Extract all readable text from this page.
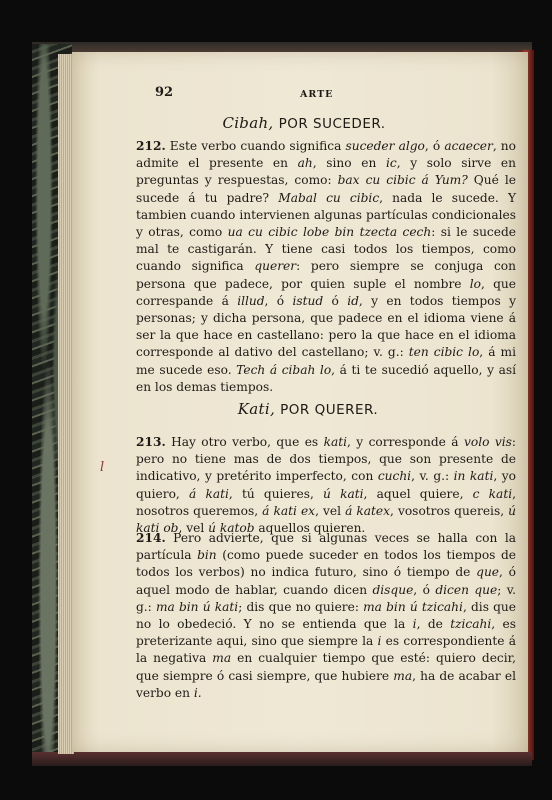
92	ARTE
Cibah, POR SUCEDER.
212. Este verbo cuando significa suceder algo, ó acaecer, no admite el presente en ah, sino en ic, y solo sirve en preguntas y respuestas, como: bax cu cibic á Yum? Qué le sucede á tu padre? Mabal cu cibic, nada le sucede. Y tambien cuando intervienen algunas partículas condicionales y otras, como ua cu cibic lobe bin tzecta cech: si le sucede mal te castigarán. Y tiene casi todos los tiempos, como cuando significa querer: pero siempre se conjuga con persona que padece, por quien suple el nombre lo, que correspande á illud, ó istud ó id, y en todos tiempos y personas; y dicha persona, que padece en el idioma viene á ser la que hace en castellano: pero la que hace en el idioma corresponde al dativo del castellano; v. g.: ten cibic lo, á mi me sucede eso. Tech á cibah lo, á ti te sucedió aquello, y así en los demas tiempos.
Kati, POR QUERER.
l
213. Hay otro verbo, que es kati, y corresponde á volo vis: pero no tiene mas de dos tiempos, que son presente de indicativo, y pretérito imperfecto, con cuchi, v. g.: in kati, yo quiero, á kati, tú quieres, ú kati, aquel quiere, c kati, nosotros queremos, á kati ex, vel á katex, vosotros quereis, ú kati ob, vel ú katob aquellos quieren.
214. Pero advierte, que si algunas veces se halla con la partícula bin (como puede suceder en todos los tiempos de todos los verbos) no indica futuro, sino ó tiempo de que, ó aquel modo de hablar, cuando dicen disque, ó dicen que; v. g.: ma bin ú kati; dis que no quiere: ma bin ú tzicahi, dis que no lo obedeció. Y no se entienda que la i, de tzicahi, es preterizante aqui, sino que siempre la i es correspondiente á la negativa ma en cualquier tiempo que esté: quiero decir, que siempre ó casi siempre, que hubiere ma, ha de acabar el verbo en i.
